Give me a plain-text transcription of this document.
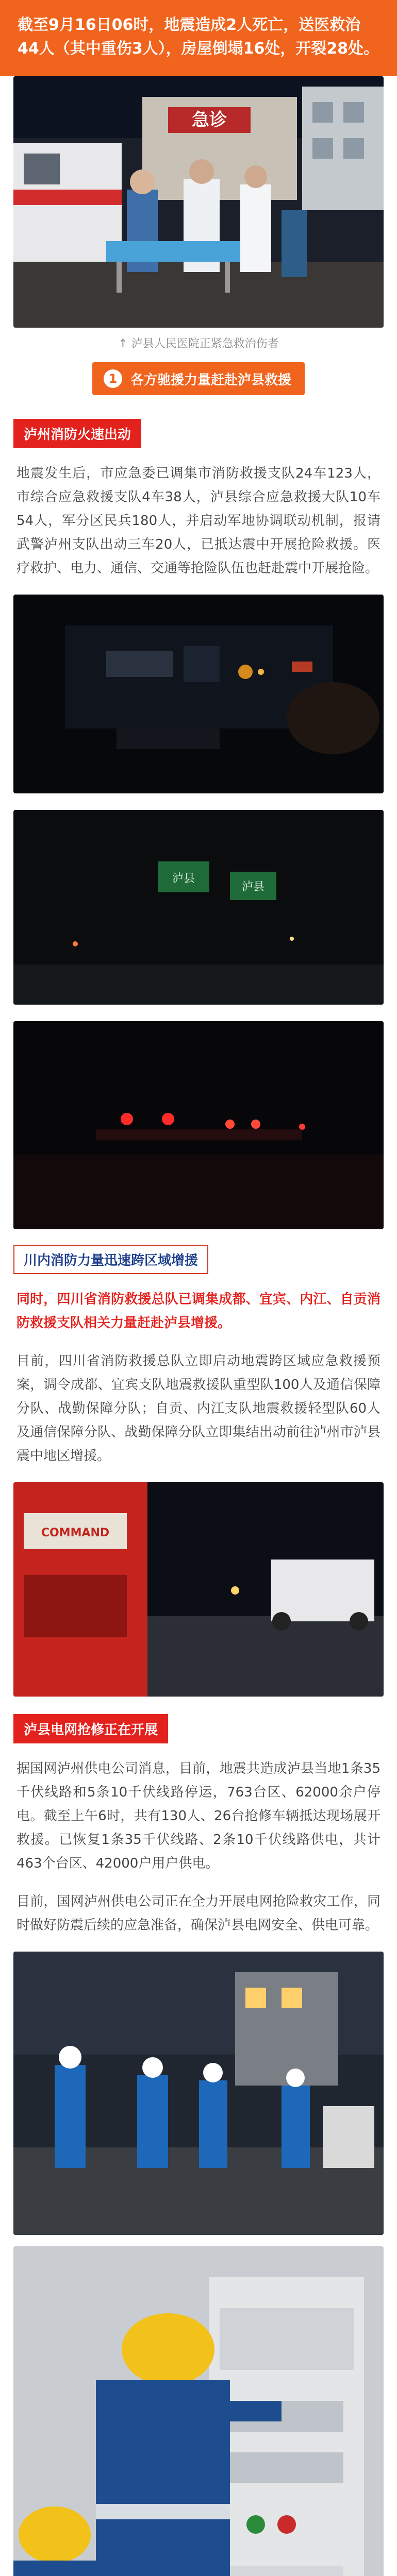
截至9月16日06时，地震造成2人死亡，送医救治44人（其中重伤3人），房屋倒塌16处，开裂28处。
急诊
↑ 泸县人民医院正紧急救治伤者
1 各方驰援力量赶赴泸县救援
泸州消防火速出动

地震发生后，市应急委已调集市消防救援支队24车123人，市综合应急救援支队4车38人，泸县综合应急救援大队10车54人，军分区民兵180人，并启动军地协调联动机制，报请武警泸州支队出动三车20人，已抵达震中开展抢险救援。医疗救护、电力、通信、交通等抢险队伍也赶赴震中开展抢险。

泸县
泸县
川内消防力量迅速跨区域增援

同时，四川省消防救援总队已调集成都、宜宾、内江、自贡消防救援支队相关力量赶赴泸县增援。

目前，四川省消防救援总队立即启动地震跨区域应急救援预案，调令成都、宜宾支队地震救援队重型队100人及通信保障分队、战勤保障分队；自贡、内江支队地震救援轻型队60人及通信保障分队、战勤保障分队立即集结出动前往泸州市泸县震中地区增援。

COMMAND
泸县电网抢修正在开展

据国网泸州供电公司消息，目前，地震共造成泸县当地1条35千伏线路和5条10千伏线路停运，763台区、62000余户停电。截至上午6时，共有130人、26台抢修车辆抵达现场展开救援。已恢复1条35千伏线路、2条10千伏线路供电，共计463个台区、42000户用户供电。

目前，国网泸州供电公司正在全力开展电网抢险救灾工作，同时做好防震后续的应急准备，确保泸县电网安全、供电可靠。
